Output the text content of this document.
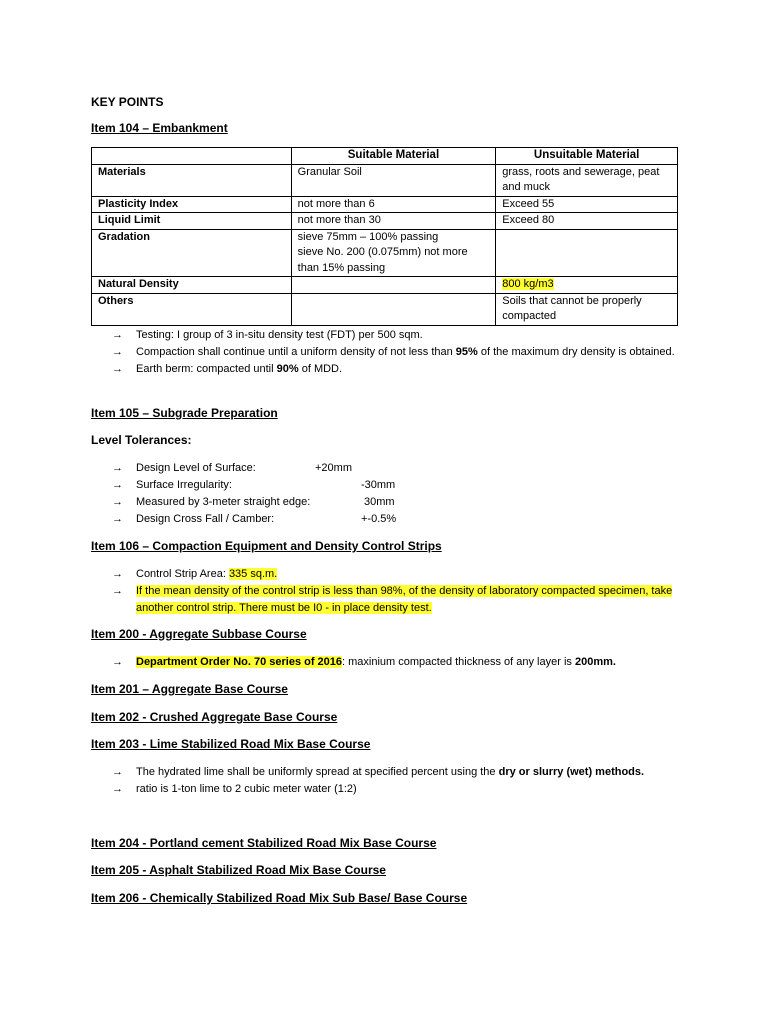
KEY POINTS
Item 104 – Embankment
	Suitable Material	Unsuitable Material
Materials	Granular Soil	grass, roots and sewerage, peat and muck
Plasticity Index	not more than 6	Exceed 55
Liquid Limit	not more than 30	Exceed 80
Gradation	sieve 75mm – 100% passing
sieve No. 200 (0.075mm) not more than 15% passing	

Natural Density		800 kg/m3
Others		Soils that cannot be properly compacted
→ Testing: I group of 3 in-situ density test (FDT) per 500 sqm.
→ Compaction shall continue until a uniform density of not less than 95% of the maximum dry density is obtained.
→ Earth berm: compacted until 90% of MDD.
Item 105 – Subgrade Preparation
Level Tolerances:
→ Design Level of Surface:	+20mm
→ Surface Irregularity:	-30mm
→ Measured by 3-meter straight edge:	30mm
→ Design Cross Fall / Camber:	+-0.5%
Item 106 – Compaction Equipment and Density Control Strips
→ Control Strip Area: 335 sq.m.
→ If the mean density of the control strip is less than 98%, of the density of laboratory compacted specimen, take another control strip. There must be I0 - in place density test.
Item 200 - Aggregate Subbase Course
→ Department Order No. 70 series of 2016: maxinium compacted thickness of any layer is 200mm.
Item 201 – Aggregate Base Course
Item 202 - Crushed Aggregate Base Course
Item 203 - Lime Stabilized Road Mix Base Course
→ The hydrated lime shall be uniformly spread at specified percent using the dry or slurry (wet) methods.
→ ratio is 1-ton lime to 2 cubic meter water (1:2)
Item 204 - Portland cement Stabilized Road Mix Base Course
Item 205 - Asphalt Stabilized Road Mix Base Course
Item 206 - Chemically Stabilized Road Mix Sub Base/ Base Course
